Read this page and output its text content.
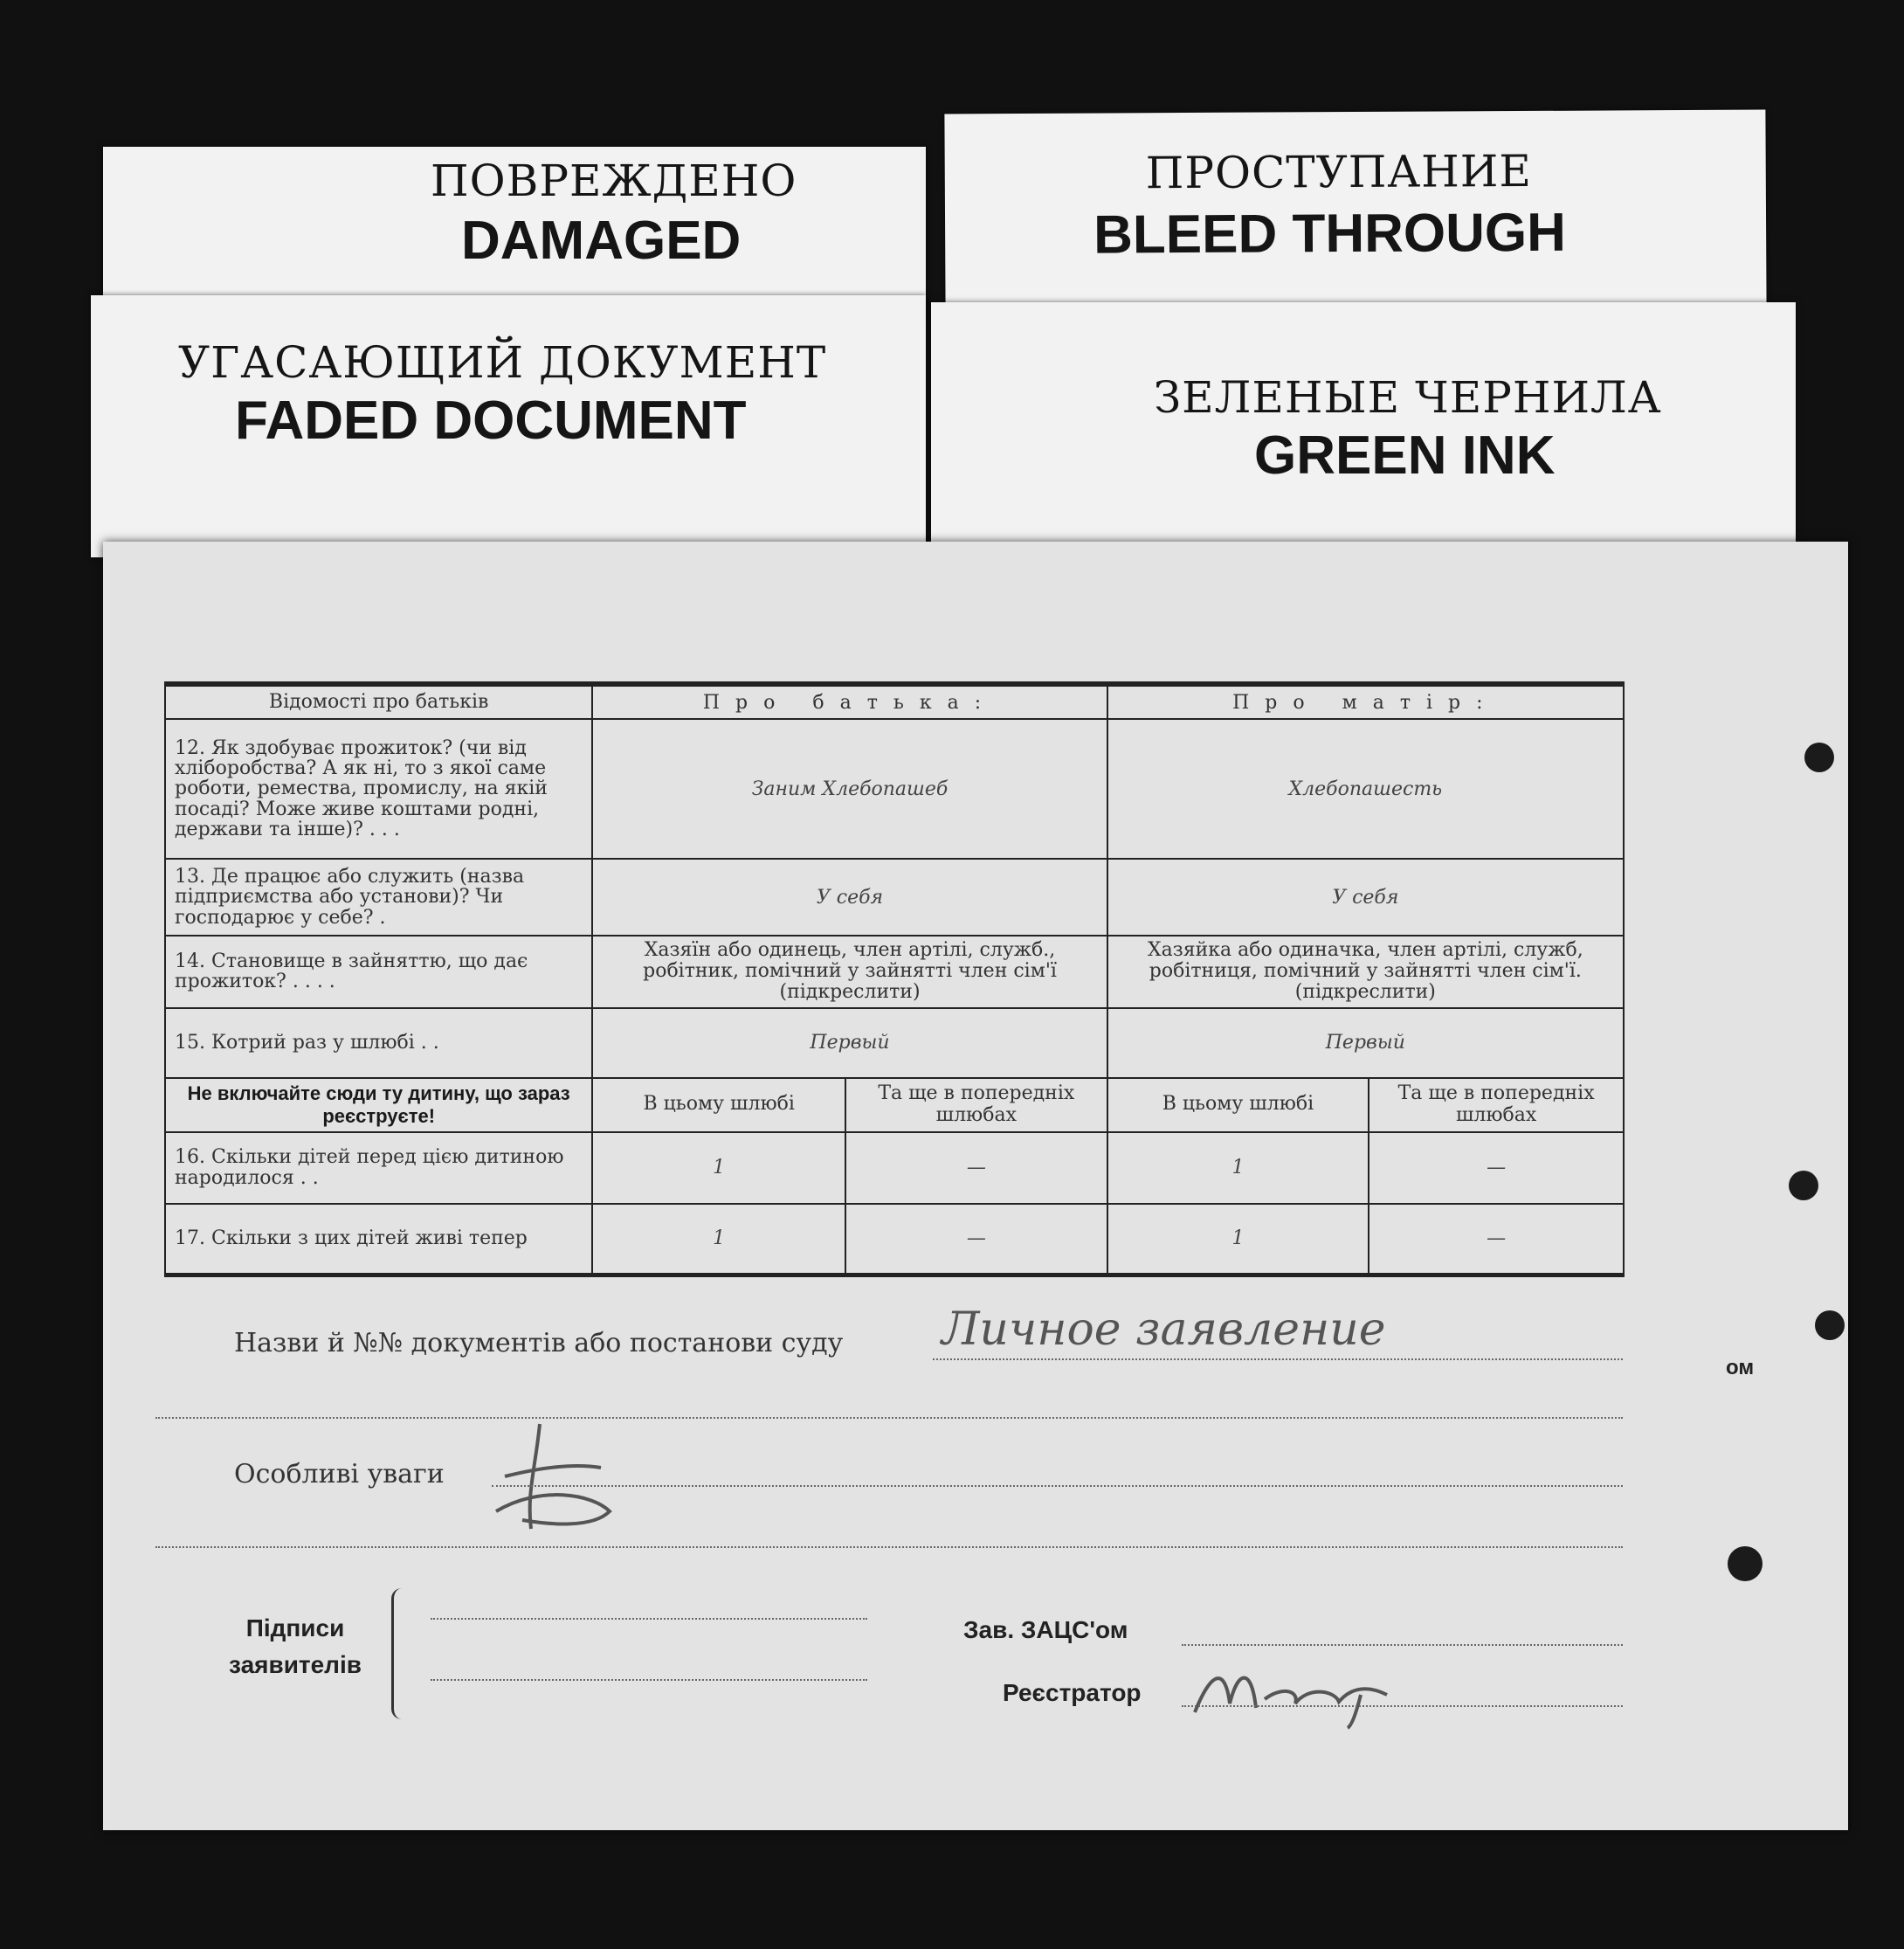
ПОВРЕЖДЕНО
DAMAGED
ПРОСТУПАНИЕ
BLEED THROUGH
УГАСАЮЩИЙ ДОКУМЕНТ
FADED DOCUMENT	ЗЕЛЕНЫЕ ЧЕРНИЛА
GREEN INK
Відомості про батьків	Про батька:		Про матір:	
12. Як здобуває прожиток? (чи від хліборобства? А як ні, то з якої саме роботи, ремества, промислу, на якій посаді? Може живе коштами родні, держави та інше)? . . .	Заним Хлебопашеб		Хлебопашесть	
13. Де працює або служить (назва підприємства або установи)? Чи господарює у себе? .	У себя		У себя	
14. Становище в зайняттю, що дає прожиток? . . . .	Хазяїн або одинець, член артілі, служб., робітник, помічний у зайнятті член сім'ї (підкреслити)		Хазяйка або одиначка, член артілі, служб, робітниця, помічний у зайнятті член сім'ї. (підкреслити)	
15. Котрий раз у шлюбі . .	Первый		Первый	
Не включайте сюди ту дитину, що зараз реєструєте!	В цьому шлюбі	Та ще в попередніх шлюбах	В цьому шлюбі	Та ще в попередніх шлюбах
16. Скільки дітей перед цією дитиною народилося . .	1	—	1	—
17. Скільки з цих дітей живі тепер	1	—	1	—
Назви й №№ документів або постанови суду Личное заявление
Особливі уваги
Підписи
заявителів
Зав. ЗАЦС'ом
Реєстратор
ом
